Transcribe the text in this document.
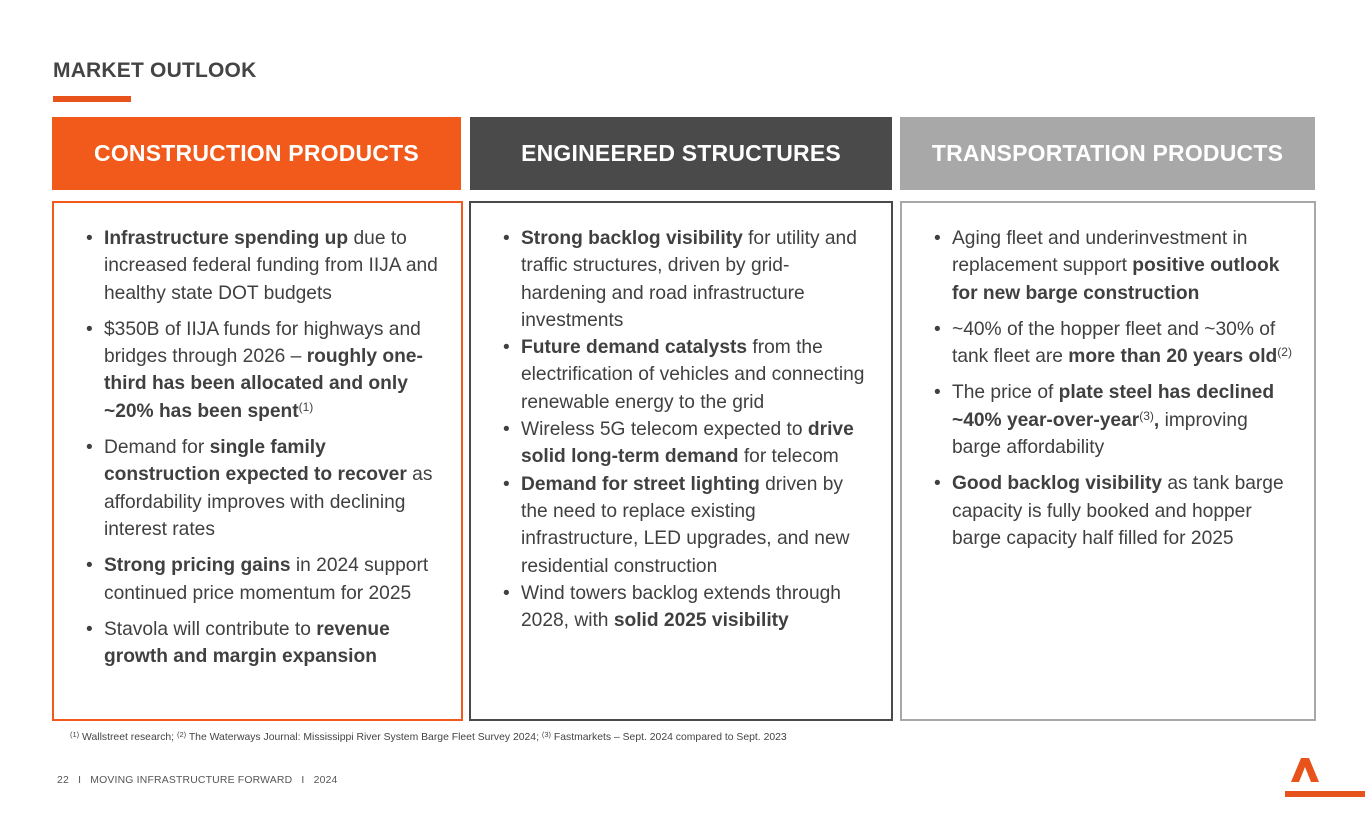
MARKET OUTLOOK
CONSTRUCTION PRODUCTS	ENGINEERED STRUCTURES	TRANSPORTATION PRODUCTS
• Infrastructure spending up due to increased federal funding from IIJA and healthy state DOT budgets
• $350B of IIJA funds for highways and bridges through 2026 – roughly one-third has been allocated and only ~20% has been spent$^{(1)}$
• Demand for single family construction expected to recover as affordability improves with declining interest rates
• Strong pricing gains in 2024 support continued price momentum for 2025
• Stavola will contribute to revenue growth and margin expansion
• Strong backlog visibility for utility and traffic structures, driven by grid-hardening and road infrastructure investments
• Future demand catalysts from the electrification of vehicles and connecting renewable energy to the grid
• Wireless 5G telecom expected to drive solid long-term demand for telecom
• Demand for street lighting driven by the need to replace existing infrastructure, LED upgrades, and new residential construction
• Wind towers backlog extends through 2028, with solid 2025 visibility
• Aging fleet and underinvestment in replacement support positive outlook for new barge construction
• ~40% of the hopper fleet and ~30% of tank fleet are more than 20 years old$^{(2)}$
• The price of plate steel has declined ~40% year-over-year$^{(3)}$, improving barge affordability
• Good backlog visibility as tank barge capacity is fully booked and hopper barge capacity half filled for 2025
$^{(1)}$ Wallstreet research; $^{(2)}$ The Waterways Journal: Mississippi River System Barge Fleet Survey 2024; $^{(3)}$ Fastmarkets – Sept. 2024 compared to Sept. 2023
22 I MOVING INFRASTRUCTURE FORWARD I 2024
